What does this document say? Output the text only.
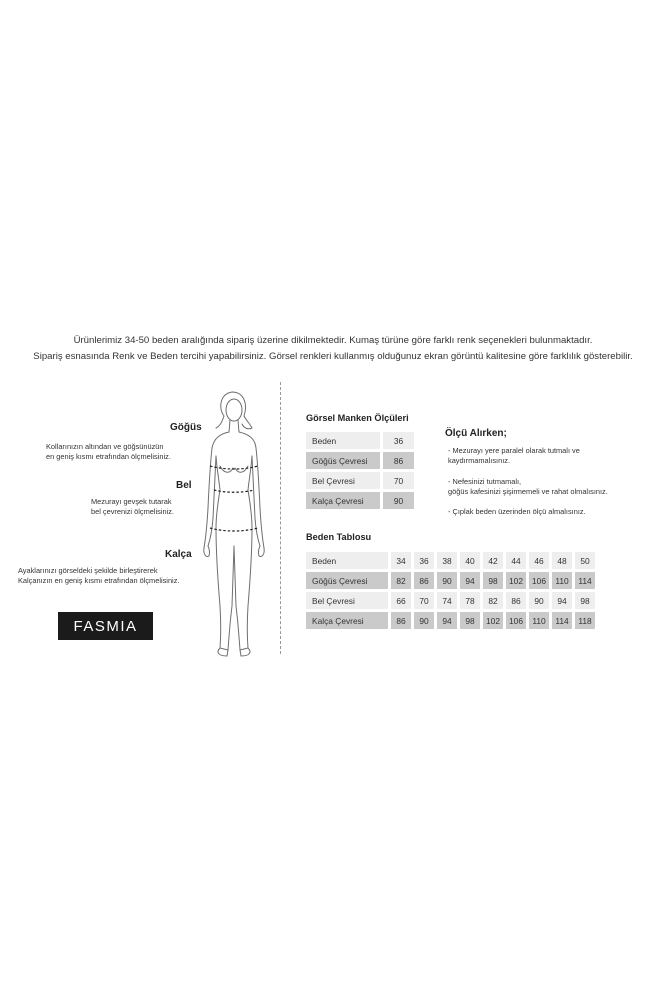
Ürünlerimiz 34-50 beden aralığında sipariş üzerine dikilmektedir. Kumaş türüne göre farklı renk seçenekleri bulunmaktadır.
Sipariş esnasında Renk ve Beden tercihi yapabilirsiniz. Görsel renkleri kullanmış olduğunuz ekran görüntü kalitesine göre farklılık gösterebilir.
Göğüs
Kollarınızın altından ve göğsünüzün
en geniş kısmı etrafından ölçmelisiniz.
Bel
Mezurayı gevşek tutarak
bel çevrenizi ölçmelisiniz.
Kalça
Ayaklarınızı görseldeki şekilde birleştirerek
Kalçanızın en geniş kısmı etrafından ölçmelisiniz.
FASMIA
Görsel Manken Ölçüleri
Beden	36
Göğüs Çevresi	86
Bel Çevresi	70
Kalça Çevresi	90
Ölçü Alırken;
- Mezurayı yere paralel olarak tutmalı ve
kaydırmamalısınız.
- Nefesinizi tutmamalı,
göğüs kafesinizi şişirmemeli ve rahat olmalısınız.
- Çıplak beden üzerinden ölçü almalısınız.
Beden Tablosu
Beden	34	36	38	40	42	44	46	48	50
Göğüs Çevresi	82	86	90	94	98	102	106	110	114
Bel Çevresi	66	70	74	78	82	86	90	94	98
Kalça Çevresi	86	90	94	98	102	106	110	114	118
